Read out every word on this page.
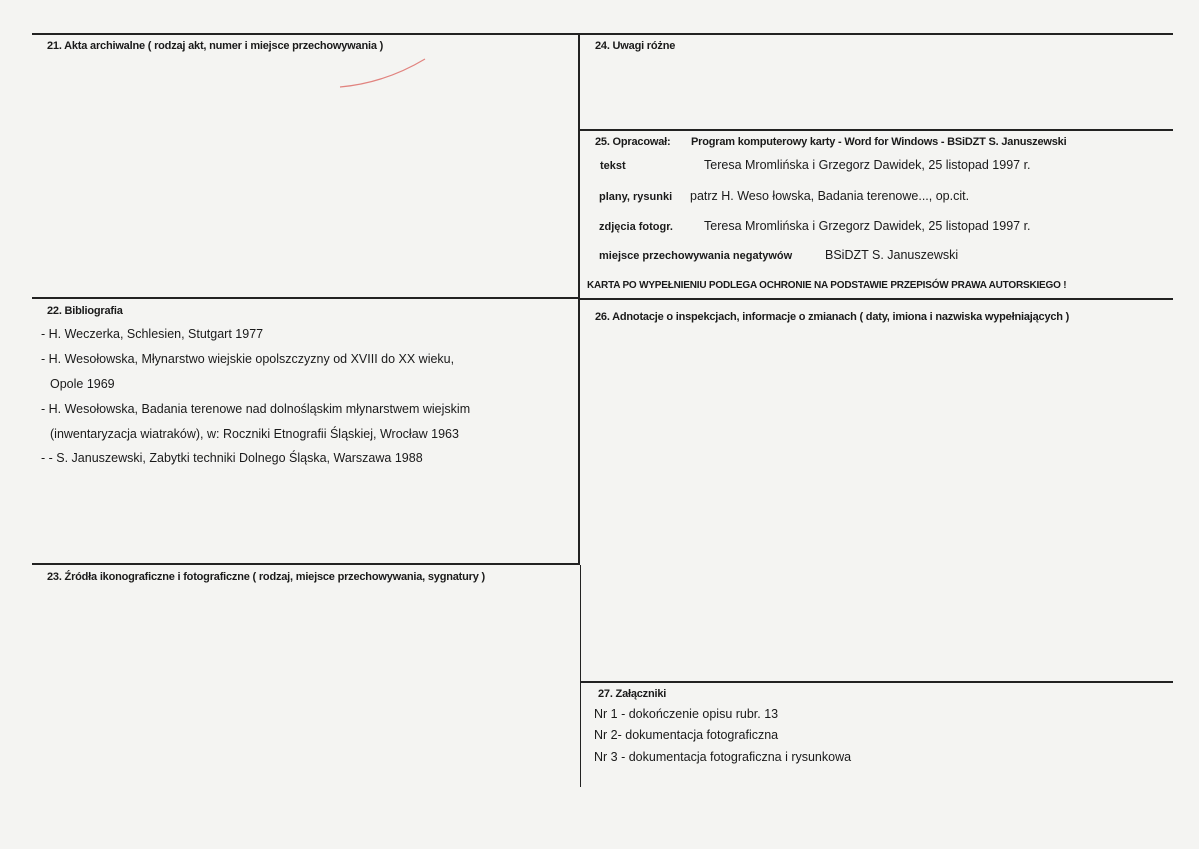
21. Akta archiwalne ( rodzaj akt, numer i miejsce przechowywania )
22. Bibliografia
- H. Weczerka, Schlesien, Stutgart 1977
- H. Wesołowska, Młynarstwo wiejskie opolszczyzny od XVIII do XX wieku,
Opole 1969
- H. Wesołowska, Badania terenowe nad dolnośląskim młynarstwem wiejskim
(inwentaryzacja wiatraków), w: Roczniki Etnografii Śląskiej, Wrocław 1963
- - S. Januszewski, Zabytki techniki Dolnego Śląska, Warszawa 1988
23. Źródła ikonograficzne i fotograficzne ( rodzaj, miejsce przechowywania, sygnatury )
24. Uwagi różne
25. Opracował: Program komputerowy karty - Word for Windows - BSiDZT S. Januszewski
tekst	Teresa Mromlińska i Grzegorz Dawidek, 25 listopad 1997 r.
plany, rysunki patrz H. Weso łowska, Badania terenowe..., op.cit.
zdjęcia fotogr. Teresa Mromlińska i Grzegorz Dawidek, 25 listopad 1997 r.
miejsce przechowywania negatywów	BSiDZT S. Januszewski
KARTA PO WYPEŁNIENIU PODLEGA OCHRONIE NA PODSTAWIE PRZEPISÓW PRAWA AUTORSKIEGO !
26. Adnotacje o inspekcjach, informacje o zmianach ( daty, imiona i nazwiska wypełniających )
27. Załączniki
Nr 1 - dokończenie opisu rubr. 13
Nr 2- dokumentacja fotograficzna
Nr 3 - dokumentacja fotograficzna i rysunkowa
